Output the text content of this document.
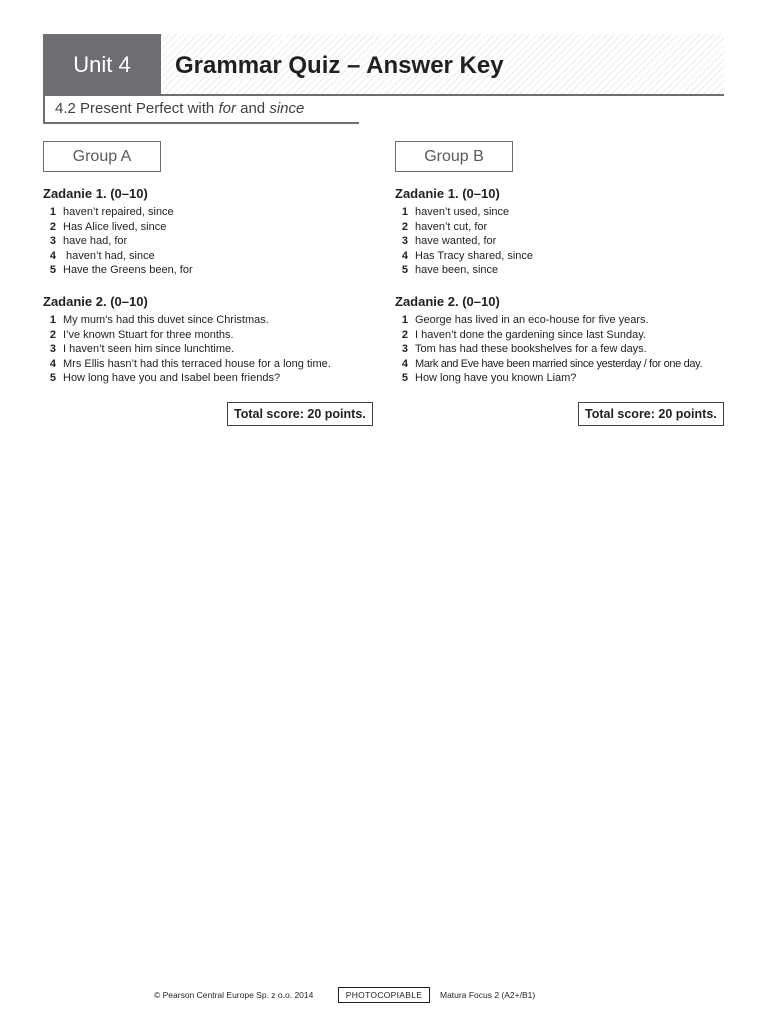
Unit 4	Grammar Quiz – Answer Key
4.2 Present Perfect with for and since
Group A
Zadanie 1. (0–10)
1 haven’t repaired, since
2 Has Alice lived, since
3 have had, for
4 haven’t had, since
5 Have the Greens been, for
Zadanie 2. (0–10)
1 My mum’s had this duvet since Christmas.
2 I’ve known Stuart for three months.
3 I haven’t seen him since lunchtime.
4 Mrs Ellis hasn’t had this terraced house for a long time.
5 How long have you and Isabel been friends?
Total score: 20 points.
Group B
Zadanie 1. (0–10)
1 haven’t used, since
2 haven’t cut, for
3 have wanted, for
4 Has Tracy shared, since
5 have been, since
Zadanie 2. (0–10)
1 George has lived in an eco-house for five years.
2 I haven’t done the gardening since last Sunday.
3 Tom has had these bookshelves for a few days.
4 Mark and Eve have been married since yesterday / for one day.
5 How long have you known Liam?
Total score: 20 points.
© Pearson Central Europe Sp. z o.o. 2014	PHOTOCOPIABLE	Matura Focus 2 (A2+/B1)
